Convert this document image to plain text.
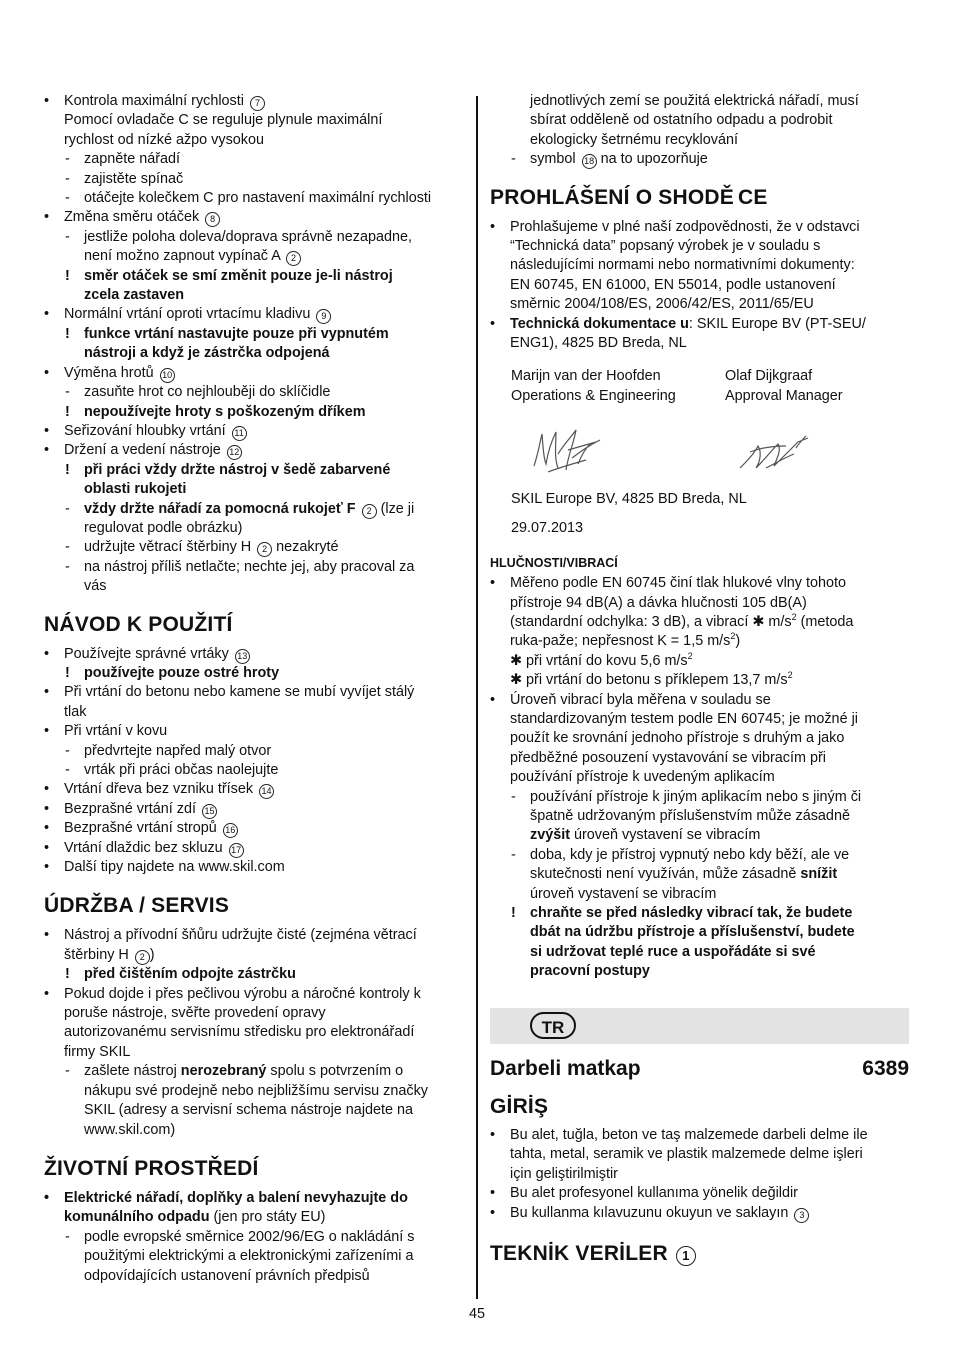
• Kontrola maximální rychlosti 7
Pomocí ovladače C se reguluje plynule maximální
rychlost od nízké ažpo vysokou
- zapněte nářadí
- zajistěte spínač
- otáčejte kolečkem C pro nastavení maximální rychlosti
• Změna směru otáček 8
- jestliže poloha doleva/doprava správně nezapadne,
není možno zapnout vypínač A 2
! směr otáček se smí změnit pouze je-li nástroj
zcela zastaven
• Normální vrtání oproti vrtacímu kladivu 9
! funkce vrtání nastavujte pouze při vypnutém
nástroji a když je zástrčka odpojená
• Výměna hrotů 10
- zasuňte hrot co nejhlouběji do sklíčidle
! nepoužívejte hroty s poškozeným dříkem
• Seřizování hloubky vrtání 11
• Držení a vedení nástroje 12
! při práci vždy držte nástroj v šedě zabarvené
oblasti rukojeti
- vždy držte nářadí za pomocná rukojeť F 2 (lze ji
regulovat podle obrázku)
- udržujte větrací štěrbiny H 2 nezakryté
- na nástroj příliš netlačte; nechte jej, aby pracoval za
vás
NÁVOD K POUŽITÍ
• Používejte správné vrtáky 13
! používejte pouze ostré hroty
• Při vrtání do betonu nebo kamene se mubí vyvíjet stálý
tlak
• Při vrtání v kovu
- předvrtejte napřed malý otvor
- vrták při práci občas naolejujte
• Vrtání dřeva bez vzniku třísek 14
• Bezprašné vrtání zdí 15
• Bezprašné vrtání stropů 16
• Vrtání dlaždic bez skluzu 17
• Další tipy najdete na www.skil.com
ÚDRŽBA / SERVIS
• Nástroj a přívodní šňůru udržujte čisté (zejména větrací
štěrbiny H 2 )
! před čištěním odpojte zástrčku
• Pokud dojde i přes pečlivou výrobu a náročné kontroly k
poruše nástroje, svěřte provedení opravy
autorizovanému servisnímu středisku pro elektronářadí
firmy SKIL
- zašlete nástroj nerozebraný spolu s potvrzením o
nákupu své prodejně nebo nejbližšímu servisu značky
SKIL (adresy a servisní schema nástroje najdete na
www.skil.com)
ŽIVOTNÍ PROSTŘEDÍ
• Elektrické nářadí, doplňky a balení nevyhazujte do
komunálního odpadu (jen pro státy EU)
- podle evropské směrnice 2002/96/EG o nakládání s
použitými elektrickými a elektronickými zařízeními a
odpovídajících ustanovení právních předpisů
jednotlivých zemí se použitá elektrická nářadí, musí
sbírat odděleně od ostatního odpadu a podrobit
ekologicky šetrnému recyklování
- symbol 18 na to upozorňuje
PROHLÁŠENÍ O SHODĚ CE
• Prohlašujeme v plné naší zodpovědnosti, že v odstavci
“Technická data” popsaný výrobek je v souladu s
následujícími normami nebo normativními dokumenty:
EN 60745, EN 61000, EN 55014, podle ustanovení
směrnic 2004/108/ES, 2006/42/ES, 2011/65/EU
• Technická dokumentace u: SKIL Europe BV (PT-SEU/
ENG1), 4825 BD Breda, NL
Marijn van der Hoofden	Olaf Dijkgraaf
Operations & Engineering	Approval Manager
SKIL Europe BV, 4825 BD Breda, NL
29.07.2013
HLUČNOSTI/VIBRACÍ
• Měřeno podle EN 60745 činí tlak hlukové vlny tohoto
přístroje 94 dB(A) a dávka hlučnosti 105 dB(A)
(standardní odchylka: 3 dB), a vibrací ✱ $m/s^2$ (metoda
ruka-paže; nepřesnost K = 1,5 $m/s^2$)
✱ při vrtání do kovu 5,6 $m/s^2$
✱ při vrtání do betonu s příklepem 13,7 $m/s^2$
• Úroveň vibrací byla měřena v souladu se
standardizovaným testem podle EN 60745; je možné ji
použít ke srovnání jednoho přístroje s druhým a jako
předběžné posouzení vystavování se vibracím při
používání přístroje k uvedeným aplikacím
- používání přístroje k jiným aplikacím nebo s jiným či
špatně udržovaným příslušenstvím může zásadně
zvýšit úroveň vystavení se vibracím
- doba, kdy je přístroj vypnutý nebo kdy běží, ale ve
skutečnosti není využíván, může zásadně snížit
úroveň vystavení se vibracím
! chraňte se před následky vibrací tak, že budete
dbát na údržbu přístroje a příslušenství, budete
si udržovat teplé ruce a uspořádáte si své
pracovní postupy
TR
Darbeli matkap	6389
GİRİŞ
• Bu alet, tuğla, beton ve taş malzemede darbeli delme ile
tahta, metal, seramik ve plastik malzemede delme işleri
için geliştirilmiştir
• Bu alet profesyonel kullanıma yönelik değildir
• Bu kullanma kılavuzunu okuyun ve saklayın 3
TEKNİK VERİLER 1
45
